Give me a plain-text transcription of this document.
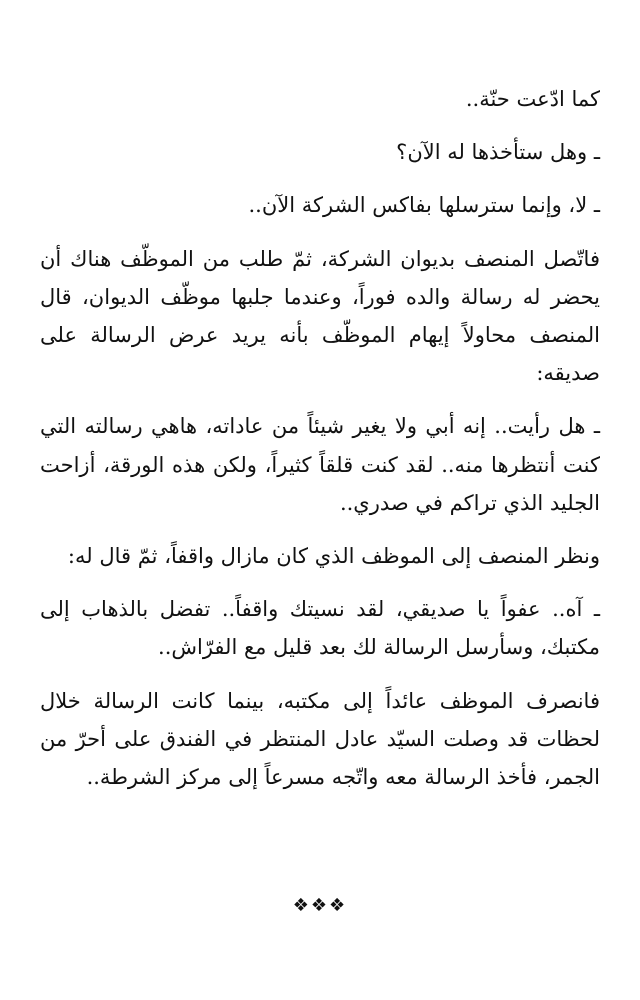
كما ادّعت حنّة..

ـ وهل ستأخذها له الآن؟

ـ لا، وإنما سترسلها بفاكس الشركة الآن..

فاتّصل المنصف بديوان الشركة، ثمّ طلب من الموظّف هناك أن يحضر له رسالة والده فوراً، وعندما جلبها موظّف الديوان، قال المنصف محاولاً إيهام الموظّف بأنه يريد عرض الرسالة على صديقه:

ـ هل رأيت.. إنه أبي ولا يغير شيئاً من عاداته، هاهي رسالته التي كنت أنتظرها منه.. لقد كنت قلقاً كثيراً، ولكن هذه الورقة، أزاحت الجليد الذي تراكم في صدري..

ونظر المنصف إلى الموظف الذي كان مازال واقفاً، ثمّ قال له:

ـ آه.. عفواً يا صديقي، لقد نسيتك واقفاً.. تفضل بالذهاب إلى مكتبك، وسأرسل الرسالة لك بعد قليل مع الفرّاش..

فانصرف الموظف عائداً إلى مكتبه، بينما كانت الرسالة خلال لحظات قد وصلت السيّد عادل المنتظر في الفندق على أحرّ من الجمر، فأخذ الرسالة معه واتّجه مسرعاً إلى مركز الشرطة..

❖❖❖
